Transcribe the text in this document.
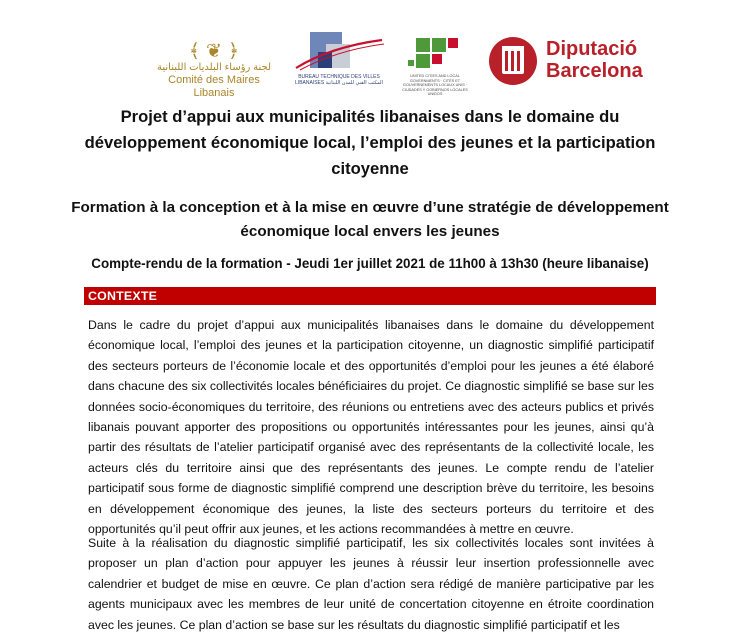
﴾ ❦ ﴿
لجنة رؤساء البلديات اللبنانية
Comité des Maires Libanais
BUREAU TECHNIQUE DES VILLES LIBANAISES المكتب الفني للمدن اللبنانية
UNITED CITIES AND LOCAL GOVERNMENTS · CITÉS ET GOUVERNEMENTS LOCAUX UNIS · CIUDADES Y GOBIERNOS LOCALES UNIDOS
Diputació
Barcelona
Projet d’appui aux municipalités libanaises dans le domaine du développement économique local, l’emploi des jeunes et la participation citoyenne
Formation à la conception et à la mise en œuvre d’une stratégie de développement économique local envers les jeunes
Compte-rendu de la formation - Jeudi 1er juillet 2021 de 11h00 à 13h30 (heure libanaise)
CONTEXTE
Dans le cadre du projet d’appui aux municipalités libanaises dans le domaine du développement économique local, l’emploi des jeunes et la participation citoyenne, un diagnostic simplifié participatif des secteurs porteurs de l’économie locale et des opportunités d’emploi pour les jeunes a été élaboré dans chacune des six collectivités locales bénéficiaires du projet. Ce diagnostic simplifié se base sur les données socio-économiques du territoire, des réunions ou entretiens avec des acteurs publics et privés libanais pouvant apporter des propositions ou opportunités intéressantes pour les jeunes, ainsi qu’à partir des résultats de l’atelier participatif organisé avec des représentants de la collectivité locale, les acteurs clés du territoire ainsi que des représentants des jeunes. Le compte rendu de l’atelier participatif sous forme de diagnostic simplifié comprend une description brève du territoire, les besoins en développement économique des jeunes, la liste des secteurs porteurs du territoire et des opportunités qu’il peut offrir aux jeunes, et les actions recommandées à mettre en œuvre.
Suite à la réalisation du diagnostic simplifié participatif, les six collectivités locales sont invitées à proposer un plan d’action pour appuyer les jeunes à réussir leur insertion professionnelle avec calendrier et budget de mise en œuvre. Ce plan d’action sera rédigé de manière participative par les agents municipaux avec les membres de leur unité de concertation citoyenne en étroite coordination avec les jeunes. Ce plan d’action se base sur les résultats du diagnostic simplifié participatif et les
